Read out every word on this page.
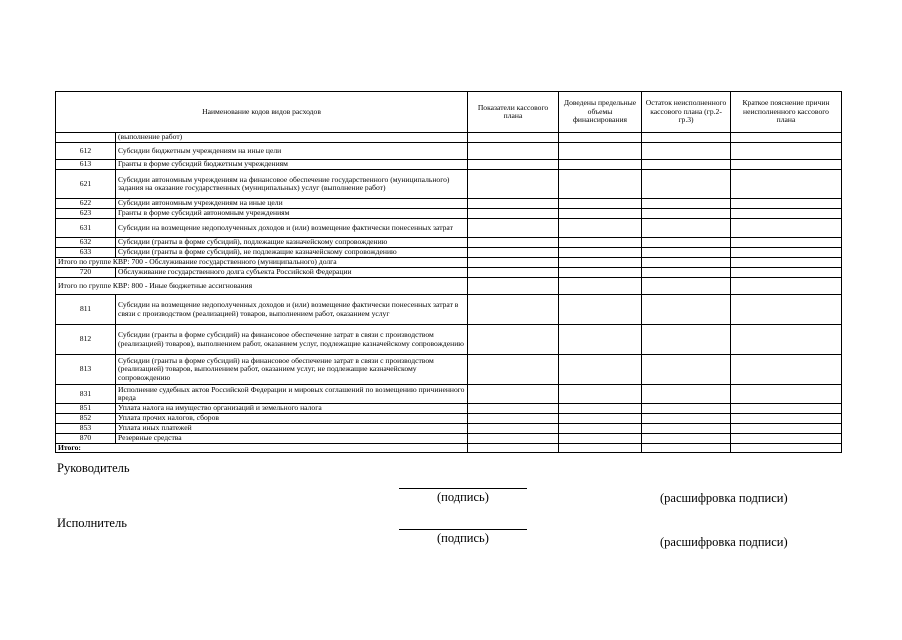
Наименование кодов видов расходов		Показатели кассового плана	Доведены предельные объемы финансирования	Остаток неисполненного кассового плана (гр.2-гр.3)	Краткое пояснение причин неисполненного кассового плана
	(выполнение работ)				
612	Субсидии бюджетным учреждениям на иные цели				
613	Гранты в форме субсидий бюджетным учреждениям				
621	Субсидии автономным учреждениям на финансовое обеспечение государственного (муниципального) задания на оказание государственных (муниципальных) услуг (выполнение работ)				
622	Субсидии автономным учреждениям на иные цели				
623	Гранты в форме субсидий автономным учреждениям				
631	Субсидии на возмещение недополученных доходов и (или) возмещение фактически понесенных затрат				
632	Субсидии (гранты в форме субсидий), подлежащие казначейскому сопровождению				
633	Субсидии (гранты в форме субсидий), не подлежащие казначейскому сопровождению				
Итого по группе КВР: 700 - Обслуживание государственного (муниципального) долга					
720	Обслуживание государственного долга субъекта Российской Федерации				
Итого по группе КВР: 800 - Иные бюджетные ассигнования					
811	Субсидии на возмещение недополученных доходов и (или) возмещение фактически понесенных затрат в связи с производством (реализацией) товаров, выполнением работ, оказанием услуг				
812	Субсидии (гранты в форме субсидий) на финансовое обеспечение затрат в связи с производством (реализацией) товаров), выполнением работ, оказанием услуг, подлежащие казначейскому сопровождению				
813	Субсидии (гранты в форме субсидий) на финансовое обеспечение затрат в связи с производством (реализацией) товаров, выполнением работ, оказанием услуг, не подлежащие казначейскому сопровождению				
831	Исполнение судебных актов Российской Федерации и мировых соглашений по возмещению причиненного вреда				
851	Уплата налога на имущество организаций и земельного налога				
852	Уплата прочих налогов, сборов				
853	Уплата иных платежей				
870	Резервные средства				
Итого:					
Руководитель
(подпись)	(расшифровка подписи)
Исполнитель
(подпись)	(расшифровка подписи)
